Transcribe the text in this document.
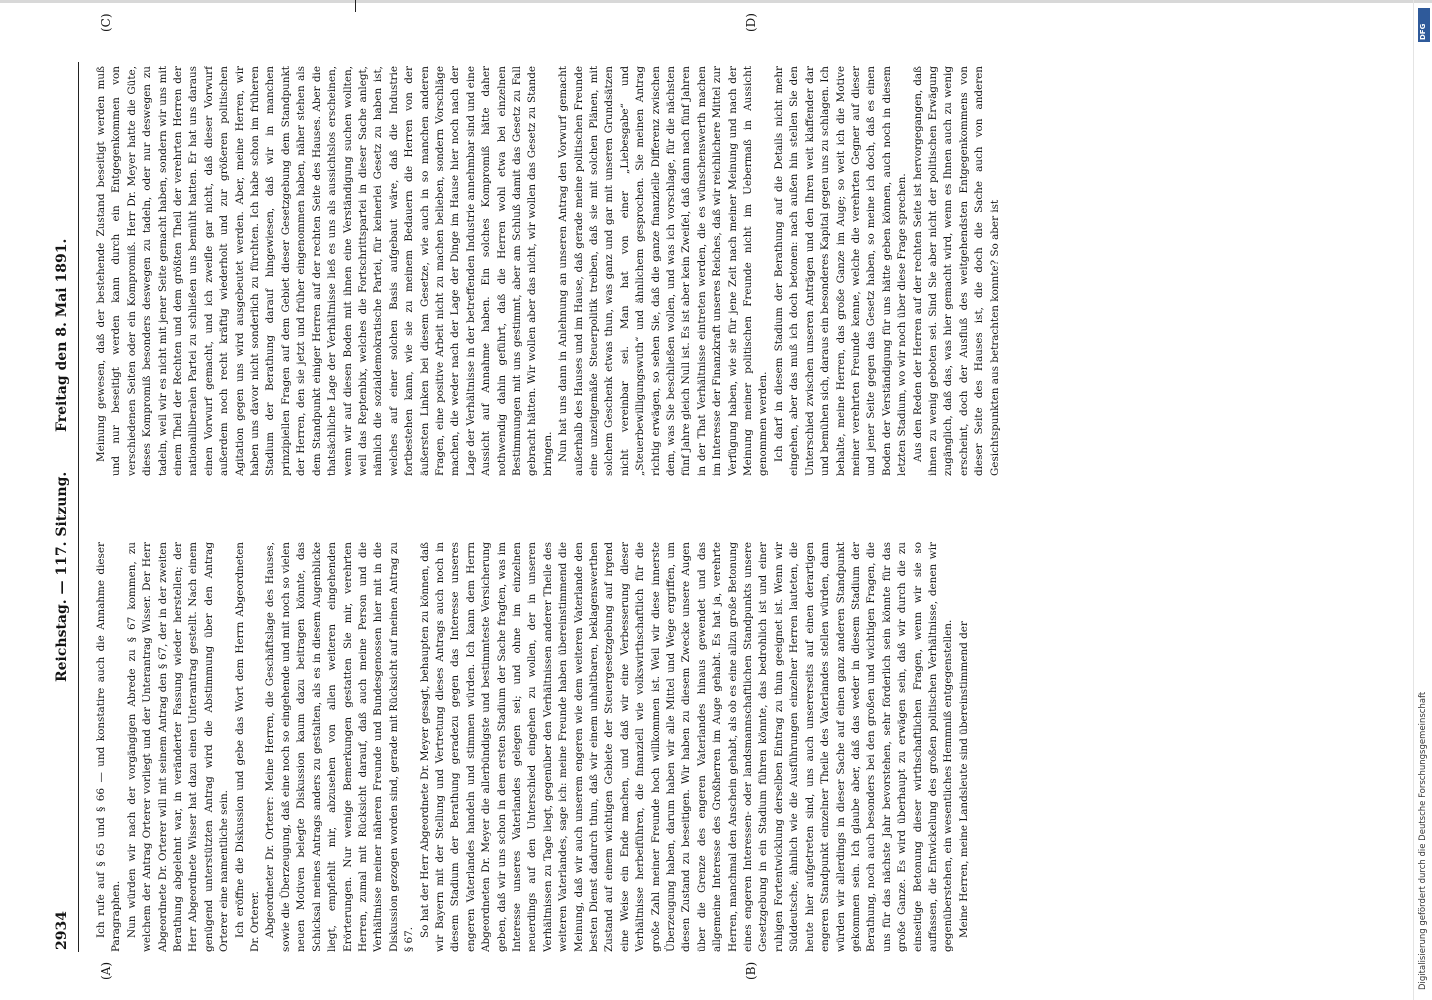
2934
Reichstag. — 117. Sitzung.
Freitag den 8. Mai 1891.
(A)	(B)
(C)	(D)

Ich rufe auf § 65 und § 66 — und konstatire auch die Annahme dieser Paragraphen. Nun würden wir nach der vorgängigen Abrede zu § 67 kommen, zu welchem der Antrag Orterer vorliegt und der Unterantrag Wisser. Der Herr Abgeordnete Dr. Orterer will mit seinem Antrag den § 67, der in der zweiten Berathung abgelehnt war, in veränderter Fassung wieder herstellen; der Herr Abgeordnete Wisser hat dazu einen Unterantrag gestellt. Nach einem genügend unterstützten Antrag wird die Abstimmung über den Antrag Orterer eine namentliche sein. Ich eröffne die Diskussion und gebe das Wort dem Herrn Abgeordneten Dr. Orterer. Abgeordneter Dr. Orterer: Meine Herren, die Geschäftslage des Hauses, sowie die Überzeugung, daß eine noch so eingehende und mit noch so vielen neuen Motiven belegte Diskussion kaum dazu beitragen könnte, das Schicksal meines Antrags anders zu gestalten, als es in diesem Augenblicke liegt, empfiehlt mir, abzusehen von allen weiteren eingehenden Erörterungen. Nur wenige Bemerkungen gestatten Sie mir, verehrten Herren, zumal mit Rücksicht darauf, daß auch meine Person und die Verhältnisse meiner näheren Freunde und Bundesgenossen hier mit in die Diskussion gezogen worden sind, gerade mit Rücksicht auf meinen Antrag zu § 67.

So hat der Herr Abgeordnete Dr. Meyer gesagt, behaupten zu können, daß wir Bayern mit der Stellung und Vertretung dieses Antrags auch noch in diesem Stadium der Berathung geradezu gegen das Interesse unseres engeren Vaterlandes handeln und stimmen würden. Ich kann dem Herrn Abgeordneten Dr. Meyer die allerbündigste und bestimmteste Versicherung geben, daß wir uns schon in dem ersten Stadium der Sache fragten, was im Interesse unseres Vaterlandes gelegen sei; und ohne im einzelnen neuerdings auf den Unterschied eingehen zu wollen, der in unseren Verhältnissen zu Tage liegt, gegenüber den Verhältnissen anderer Theile des weiteren Vaterlandes, sage ich: meine Freunde haben übereinstimmend die Meinung, daß wir auch unserem engeren wie dem weiteren Vaterlande den besten Dienst dadurch thun, daß wir einem unhaltbaren, beklagenswerthen Zustand auf einem wichtigen Gebiete der Steuergesetzgebung auf irgend eine Weise ein Ende machen, und daß wir eine Verbesserung dieser Verhältnisse herbeiführen, die finanziell wie volkswirthschaftlich für die große Zahl meiner Freunde hoch willkommen ist. Weil wir diese innerste Überzeugung haben, darum haben wir alle Mittel und Wege ergriffen, um diesen Zustand zu beseitigen. Wir haben zu diesem Zwecke unsere Augen über die Grenze des engeren Vaterlandes hinaus gewendet und das allgemeine Interesse des Großherren im Auge gehabt. Es hat ja, verehrte Herren, manchmal den Anschein gehabt, als ob es eine allzu große Betonung eines engeren Interessen- oder landsmannschaftlichen Standpunkts unsere Gesetzgebung in ein Stadium führen könnte, das bedrohlich ist und einer ruhigen Fortentwicklung derselben Eintrag zu thun geeignet ist. Wenn wir Süddeutsche, ähnlich wie die Ausführungen einzelner Herren lauteten, die heute hier aufgetreten sind, uns auch unsererseits auf einen derartigen engeren Standpunkt einzelner Theile des Vaterlandes stellen würden, dann würden wir allerdings in dieser Sache auf einen ganz anderen Standpunkt gekommen sein. Ich glaube aber, daß das weder in diesem Stadium der Berathung, noch auch besonders bei den großen und wichtigen Fragen, die uns für das nächste Jahr bevorstehen, sehr förderlich sein könnte für das große Ganze. Es wird überhaupt zu erwägen sein, daß wir durch die zu einseitige Betonung dieser wirthschaftlichen Fragen, wenn wir sie so auffassen, die Entwickelung des großen politischen Verhältnisse, denen wir gegenüberstehen, ein wesentliches Hemmniß entgegenstellen. Meine Herren, meine Landsleute sind übereinstimmend der

Meinung gewesen, daß der bestehende Zustand beseitigt werden muß und nur beseitigt werden kann durch ein Entgegenkommen von verschiedenen Seiten oder ein Kompromiß. Herr Dr. Meyer hatte die Güte, dieses Kompromiß besonders deswegen zu tadeln, oder nur deswegen zu tadeln, weil wir es nicht mit jener Seite gemacht haben, sondern wir uns mit einem Theil der Rechten und dem größten Theil der verehrten Herren der nationalliberalen Partei zu schließen uns bemüht hatten. Er hat uns daraus einen Vorwurf gemacht, und ich zweifle gar nicht, daß dieser Vorwurf außerdem noch recht kräftig wiederholt und zur größeren politischen Agitation gegen uns wird ausgebeutet werden. Aber, meine Herren, wir haben uns davor nicht sonderlich zu fürchten. Ich habe schon im früheren Stadium der Berathung darauf hingewiesen, daß wir in manchen prinzipiellen Fragen auf dem Gebiet dieser Gesetzgebung dem Standpunkt der Herren, den sie jetzt und früher eingenommen haben, näher stehen als dem Standpunkt einiger Herren auf der rechten Seite des Hauses. Aber die thatsächliche Lage der Verhältnisse ließ es uns als aussichtslos erscheinen, wenn wir auf diesen Boden mit ihnen eine Verständigung suchen wollten, weil das Reptenbix, welches die Fortschrittspartei in dieser Sache anlegt, nämlich die sozialdemokratische Partei, für keinerlei Gesetz zu haben ist, welches auf einer solchen Basis aufgebaut wäre, daß die Industrie fortbestehen kann, wie sie zu meinem Bedauern die Herren von der äußersten Linken bei diesem Gesetze, wie auch in so manchen anderen Fragen, eine positive Arbeit nicht zu machen belieben, sondern Vorschläge machen, die weder nach der Lage der Dinge im Hause hier noch nach der Lage der Verhältnisse in der betreffenden Industrie annehmbar sind und eine Aussicht auf Annahme haben. Ein solches Kompromiß hätte daher nothwendig dahin geführt, daß die Herren wohl etwa bei einzelnen Bestimmungen mit uns gestimmt, aber am Schluß damit das Gesetz zu Fall gebracht hätten. Wir wollen aber das nicht, wir wollen das Gesetz zu Stande bringen. Nun hat uns dann in Anlehnung an unseren Antrag den Vorwurf gemacht außerhalb des Hauses und im Hause, daß gerade meine politischen Freunde eine unzeitgemäße Steuerpolitik treiben, daß sie mit solchen Plänen, mit solchem Geschenk etwas thun, was ganz und gar mit unseren Grundsätzen nicht vereinbar sei. Man hat von einer „Liebesgabe“ und „Steuerbewilligungswuth“ und ähnlichem gesprochen. Sie meinen Antrag richtig erwägen, so sehen Sie, daß die ganze finanzielle Differenz zwischen dem, was Sie beschließen wollen, und was ich vorschlage, für die nächsten fünf Jahre gleich Null ist. Es ist aber kein Zweifel, daß dann nach fünf Jahren in der That Verhältnisse eintreten werden, die es wünschenswerth machen im Interesse der Finanzkraft unseres Reiches, daß wir reichlichere Mittel zur Verfügung haben, wie sie für jene Zeit nach meiner Meinung und nach der Meinung meiner politischen Freunde nicht im Uebermaß in Aussicht genommen werden. Ich darf in diesem Stadium der Berathung auf die Details nicht mehr eingehen, aber das muß ich doch betonen: nach außen hin stellen Sie den Unterschied zwischen unseren Anträgen und den Ihren weit klaffender dar und bemühen sich, daraus ein besonderes Kapital gegen uns zu schlagen. Ich behalte, meine Herren, das große Ganze im Auge; so weit ich die Motive meiner verehrten Freunde kenne, welche die verehrten Gegner auf dieser und jener Seite gegen das Gesetz haben, so meine ich doch, daß es einen Boden der Verständigung für uns hätte geben können, auch noch in diesem letzten Stadium, wo wir noch über diese Frage sprechen. Aus den Reden der Herren auf der rechten Seite ist hervorgegangen, daß ihnen zu wenig geboten sei. Sind Sie aber nicht der politischen Erwägung zugänglich, daß das, was hier gemacht wird, wenn es Ihnen auch zu wenig erscheint, doch der Ausfluß des weitgehendsten Entgegenkommens von dieser Seite des Hauses ist, die doch die Sache auch von anderen Gesichtspunkten aus betrachten konnte? So aber ist

DFG
Digitalisierung gefördert durch die Deutsche Forschungsgemeinschaft
